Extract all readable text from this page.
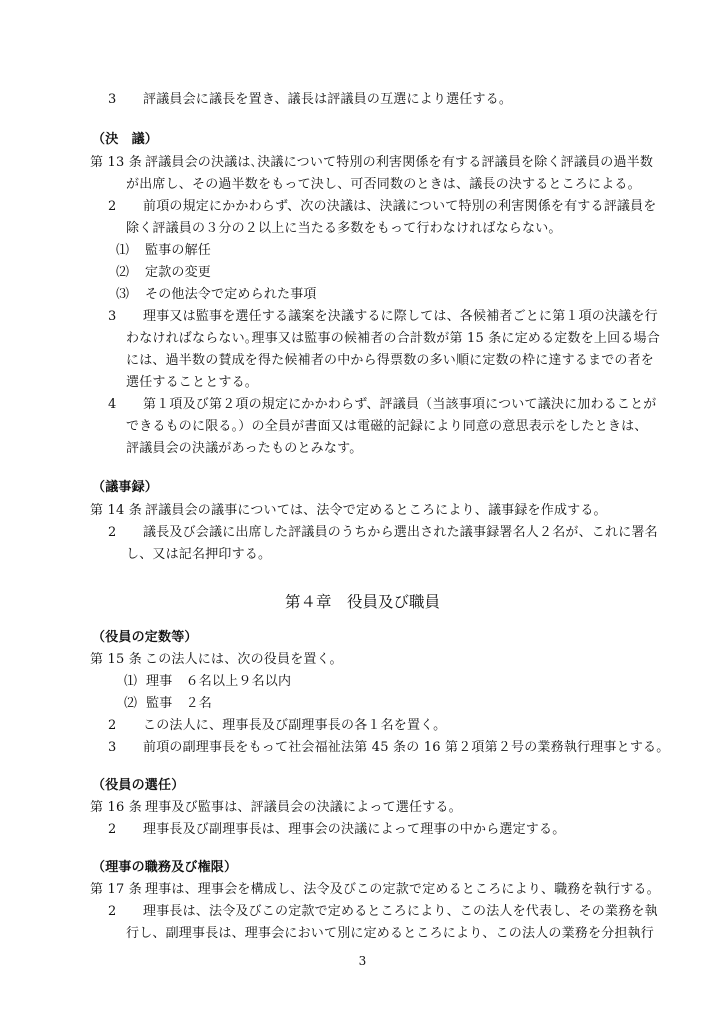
3 評議員会に議長を置き、議長は評議員の互選により選任する。
（決　議）
第 13 条 評議員会の決議は､決議について特別の利害関係を有する評議員を除く評議員の過半数
が出席し、その過半数をもって決し、可否同数のときは、議長の決するところによる。
2 前項の規定にかかわらず、次の決議は、決議について特別の利害関係を有する評議員を
除く評議員の３分の２以上に当たる多数をもって行わなければならない。
⑴ 監事の解任
⑵ 定款の変更
⑶ その他法令で定められた事項
3 理事又は監事を選任する議案を決議するに際しては、各候補者ごとに第１項の決議を行
わなければならない｡理事又は監事の候補者の合計数が第 15 条に定める定数を上回る場合
には、過半数の賛成を得た候補者の中から得票数の多い順に定数の枠に達するまでの者を
選任することとする。
4 第１項及び第２項の規定にかかわらず、評議員（当該事項について議決に加わることが
できるものに限る。）の全員が書面又は電磁的記録により同意の意思表示をしたときは、
評議員会の決議があったものとみなす。
（議事録）
第 14 条 評議員会の議事については、法令で定めるところにより、議事録を作成する。
2 議長及び会議に出席した評議員のうちから選出された議事録署名人２名が、これに署名
し、又は記名押印する。
第４章　役員及び職員
（役員の定数等）
第 15 条 この法人には、次の役員を置く。
⑴ 理事　６名以上９名以内
⑵ 監事　２名
2 この法人に、理事長及び副理事長の各１名を置く。
3 前項の副理事長をもって社会福祉法第 45 条の 16 第２項第２号の業務執行理事とする。
（役員の選任）
第 16 条 理事及び監事は、評議員会の決議によって選任する。
2 理事長及び副理事長は、理事会の決議によって理事の中から選定する。
（理事の職務及び権限）
第 17 条 理事は、理事会を構成し、法令及びこの定款で定めるところにより、職務を執行する。
2 理事長は、法令及びこの定款で定めるところにより、この法人を代表し、その業務を執
行し、副理事長は、理事会において別に定めるところにより、この法人の業務を分担執行
3
